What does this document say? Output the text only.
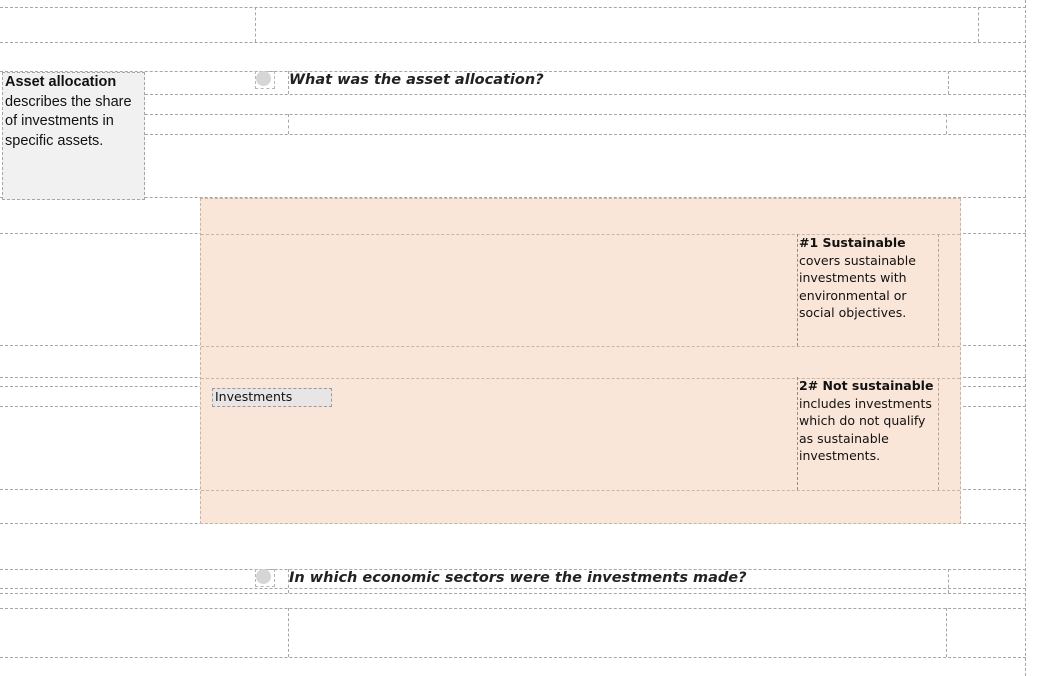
Asset allocation describes the share of investments in specific assets.
What was the asset allocation?
Investments
#1 Sustainable
covers sustainable investments with environmental or social objectives.
2# Not sustainable
includes investments which do not qualify as sustainable investments.
In which economic sectors were the investments made?
